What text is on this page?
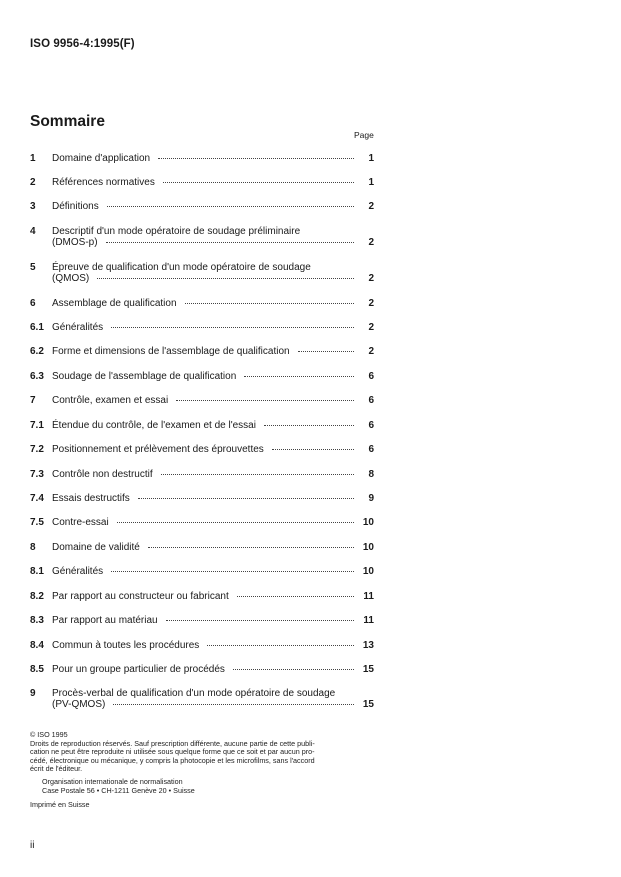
ISO 9956-4:1995(F)
Sommaire
Page
1 Domaine d'application	1
2 Références normatives	1
3 Définitions	2
4 Descriptif d'un mode opératoire de soudage préliminaire
(DMOS-p)	2
5 Épreuve de qualification d'un mode opératoire de soudage
(QMOS)	2
6 Assemblage de qualification	2
6.1 Généralités	2
6.2 Forme et dimensions de l'assemblage de qualification	2
6.3 Soudage de l'assemblage de qualification	6
7 Contrôle, examen et essai	6
7.1 Étendue du contrôle, de l'examen et de l'essai	6
7.2 Positionnement et prélèvement des éprouvettes	6
7.3 Contrôle non destructif	8
7.4 Essais destructifs	9
7.5 Contre-essai	10
8 Domaine de validité	10
8.1 Généralités	10
8.2 Par rapport au constructeur ou fabricant	11
8.3 Par rapport au matériau	11
8.4 Commun à toutes les procédures	13
8.5 Pour un groupe particulier de procédés	15
9 Procès-verbal de qualification d'un mode opératoire de soudage
(PV-QMOS)	15
© ISO 1995
Droits de reproduction réservés. Sauf prescription différente, aucune partie de cette publi-
cation ne peut être reproduite ni utilisée sous quelque forme que ce soit et par aucun pro-
cédé, électronique ou mécanique, y compris la photocopie et les microfilms, sans l'accord
écrit de l'éditeur.
Organisation internationale de normalisation
Case Postale 56 • CH-1211 Genève 20 • Suisse
Imprimé en Suisse
ii
